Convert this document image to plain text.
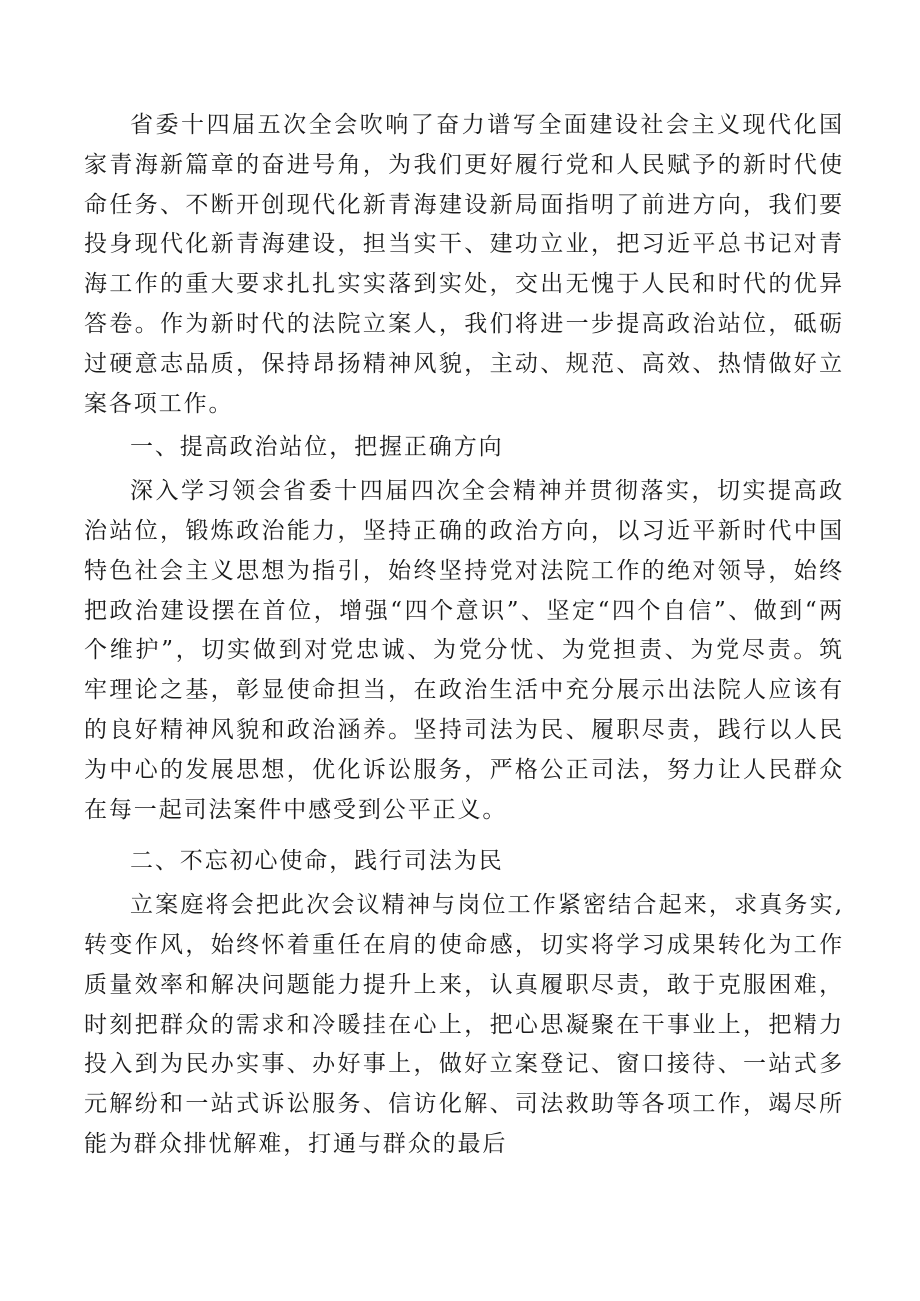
省委十四届五次全会吹响了奋力谱写全面建设社会主义现代化国家青海新篇章的奋进号角，为我们更好履行党和人民赋予的新时代使命任务、不断开创现代化新青海建设新局面指明了前进方向，我们要投身现代化新青海建设，担当实干、建功立业，把习近平总书记对青海工作的重大要求扎扎实实落到实处，交出无愧于人民和时代的优异答卷。作为新时代的法院立案人，我们将进一步提高政治站位，砥砺过硬意志品质，保持昂扬精神风貌，主动、规范、高效、热情做好立案各项工作。

一、提高政治站位，把握正确方向

深入学习领会省委十四届四次全会精神并贯彻落实，切实提高政治站位，锻炼政治能力，坚持正确的政治方向，以习近平新时代中国特色社会主义思想为指引，始终坚持党对法院工作的绝对领导，始终把政治建设摆在首位，增强“四个意识”、坚定“四个自信”、做到“两个维护”，切实做到对党忠诚、为党分忧、为党担责、为党尽责。筑牢理论之基，彰显使命担当，在政治生活中充分展示出法院人应该有的良好精神风貌和政治涵养。坚持司法为民、履职尽责，践行以人民为中心的发展思想，优化诉讼服务，严格公正司法，努力让人民群众在每一起司法案件中感受到公平正义。

二、不忘初心使命，践行司法为民

立案庭将会把此次会议精神与岗位工作紧密结合起来，求真务实,转变作风，始终怀着重任在肩的使命感，切实将学习成果转化为工作质量效率和解决问题能力提升上来，认真履职尽责，敢于克服困难，时刻把群众的需求和冷暖挂在心上，把心思凝聚在干事业上，把精力投入到为民办实事、办好事上，做好立案登记、窗口接待、一站式多元解纷和一站式诉讼服务、信访化解、司法救助等各项工作，竭尽所能为群众排忧解难，打通与群众的最后
